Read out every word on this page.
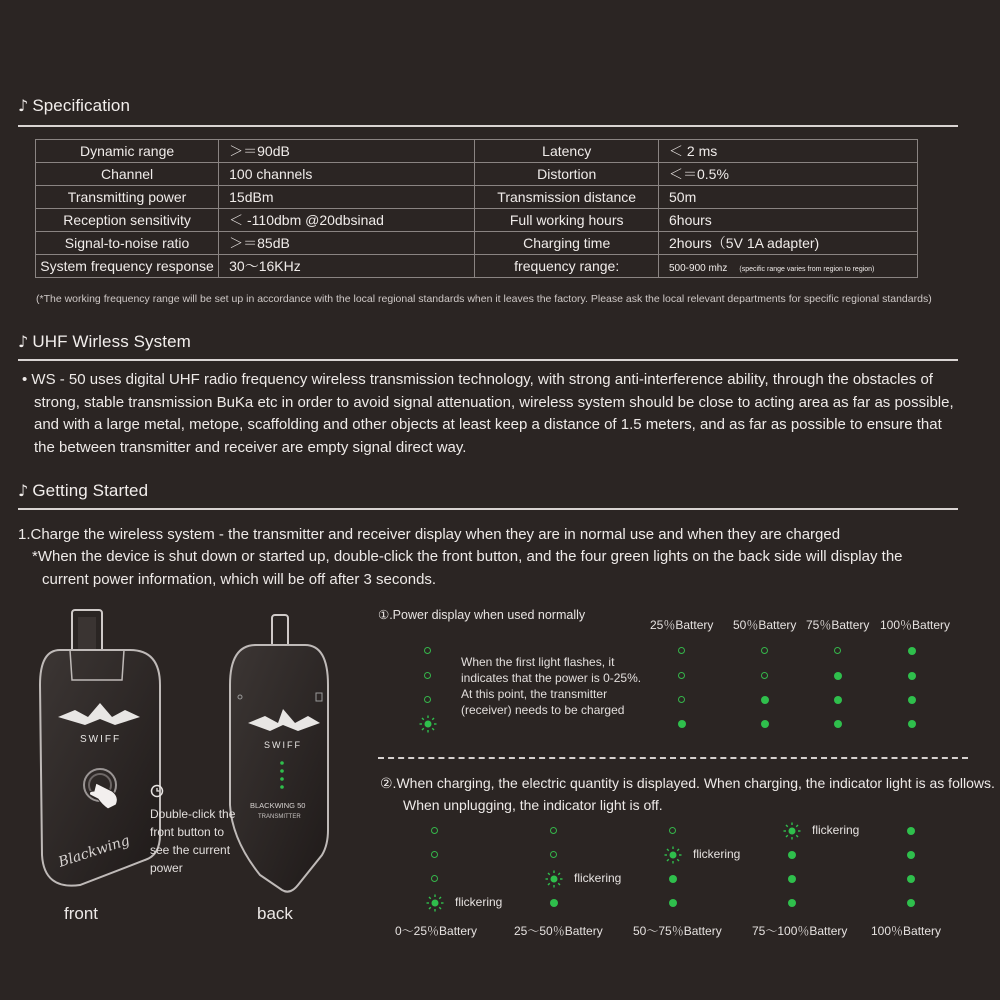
♪ Specification
Dynamic range	＞＝90dB	Latency	＜ 2 ms
Channel	100 channels	Distortion	＜＝0.5%
Transmitting power	15dBm	Transmission distance	50m
Reception sensitivity	＜ -110dbm @20dbsinad	Full working hours	6hours
Signal-to-noise ratio	＞＝85dB	Charging time	2hours（5V 1A adapter)
System frequency response	30～16KHz	frequency range:	500-900 mhz (specific range varies from region to region)
(*The working frequency range will be set up in accordance with the local regional standards when it leaves the factory. Please ask the local relevant departments for specific regional standards)
♪ UHF Wirless System
• WS - 50 uses digital UHF radio frequency wireless transmission technology, with strong anti-interference ability, through the obstacles of
strong, stable transmission BuKa etc in order to avoid signal attenuation, wireless system should be close to acting area as far as possible,
and with a large metal, metope, scaffolding and other objects at least keep a distance of 1.5 meters, and as far as possible to ensure that
the between transmitter and receiver are empty signal direct way.
♪ Getting Started
1.Charge the wireless system - the transmitter and receiver display when they are in normal use and when they are charged
*When the device is shut down or started up, double-click the front button, and the four green lights on the back side will display the
current power information, which will be off after 3 seconds.
SWIFF
Blackwing
SWIFF
BLACKWING 50
TRANSMITTER
Double-click the
front button to
see the current
power
front	back
①.Power display when used normally
25％Battery 50％Battery 75％Battery 100％Battery
When the first light flashes, it
indicates that the power is 0-25%.
At this point, the transmitter
(receiver) needs to be charged
②.When charging, the electric quantity is displayed. When charging, the indicator light is as follows.
When unplugging, the indicator light is off.
flickering
flickering
flickering
flickering
0～25％Battery	25～50％Battery	50～75％Battery	75～100％Battery 100％Battery
